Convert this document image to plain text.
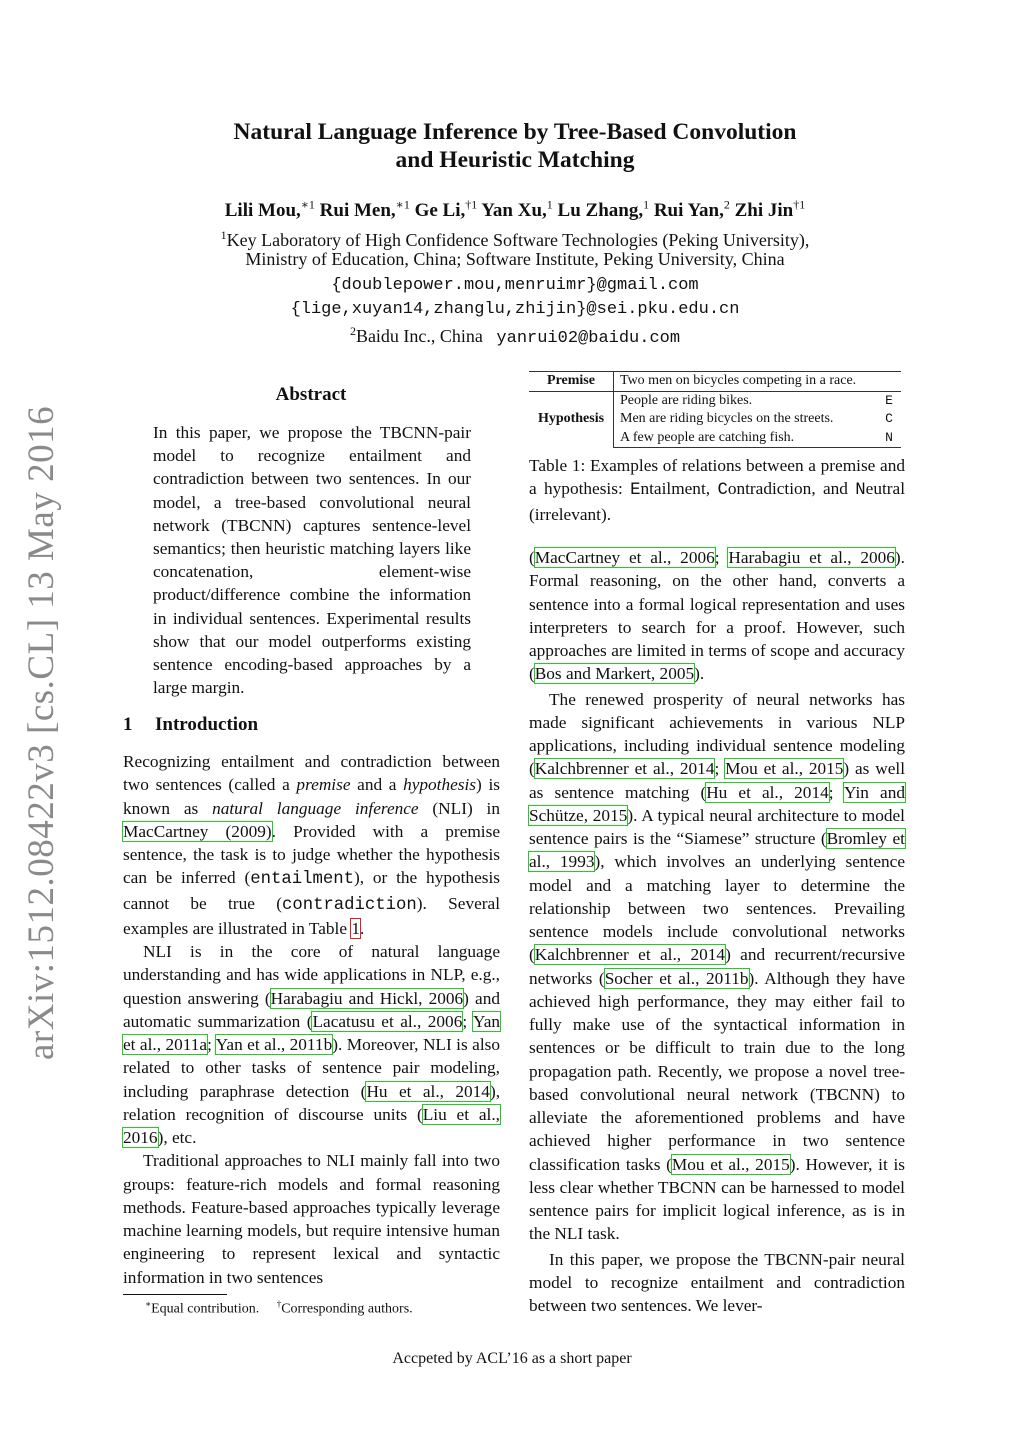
arXiv:1512.08422v3 [cs.CL] 13 May 2016
Natural Language Inference by Tree-Based Convolution
and Heuristic Matching
Lili Mou,$^{∗1}$ Rui Men,$^{∗1}$ Ge Li,$^{\dagger 1}$ Yan Xu,$^1$ Lu Zhang,$^1$ Rui Yan,$^2$ Zhi Jin$^{\dagger 1}$
$^1$Key Laboratory of High Confidence Software Technologies (Peking University),
Ministry of Education, China; Software Institute, Peking University, China
{doublepower.mou,menruimr}@gmail.com
{lige,xuyan14,zhanglu,zhijin}@sei.pku.edu.cn
$^2$Baidu Inc., China yanrui02@baidu.com
Abstract
In this paper, we propose the TBCNN-pair model to recognize entailment and contradiction between two sentences. In our model, a tree-based convolutional neural network (TBCNN) captures sentence-level semantics; then heuristic matching layers like concatenation, element-wise product/difference combine the information in individual sentences. Experimental results show that our model outperforms existing sentence encoding-based approaches by a large margin.
1 Introduction

Recognizing entailment and contradiction between two sentences (called a premise and a hypothesis) is known as natural language inference (NLI) in MacCartney (2009). Provided with a premise sentence, the task is to judge whether the hypothesis can be inferred (entailment), or the hypothesis cannot be true (contradiction). Several examples are illustrated in Table 1.

NLI is in the core of natural language understanding and has wide applications in NLP, e.g., question answering (Harabagiu and Hickl, 2006) and automatic summarization (Lacatusu et al., 2006; Yan et al., 2011a; Yan et al., 2011b). Moreover, NLI is also related to other tasks of sentence pair modeling, including paraphrase detection (Hu et al., 2014), relation recognition of discourse units (Liu et al., 2016), etc.

Traditional approaches to NLI mainly fall into two groups: feature-rich models and formal reasoning methods. Feature-based approaches typically leverage machine learning models, but require intensive human engineering to represent lexical and syntactic information in two sentences

∗Equal contribution. †Corresponding authors.
Premise	Two men on bicycles competing in a race.	
Hypothesis	People are riding bikes.	E
	Men are riding bicycles on the streets.	C
	A few people are catching fish.	N
Table 1: Examples of relations between a premise and a hypothesis: Entailment, Contradiction, and Neutral (irrelevant).

(MacCartney et al., 2006; Harabagiu et al., 2006). Formal reasoning, on the other hand, converts a sentence into a formal logical representation and uses interpreters to search for a proof. However, such approaches are limited in terms of scope and accuracy (Bos and Markert, 2005).

The renewed prosperity of neural networks has made significant achievements in various NLP applications, including individual sentence modeling (Kalchbrenner et al., 2014; Mou et al., 2015) as well as sentence matching (Hu et al., 2014; Yin and Schütze, 2015). A typical neural architecture to model sentence pairs is the “Siamese” structure (Bromley et al., 1993), which involves an underlying sentence model and a matching layer to determine the relationship between two sentences. Prevailing sentence models include convolutional networks (Kalchbrenner et al., 2014) and recurrent/recursive networks (Socher et al., 2011b). Although they have achieved high performance, they may either fail to fully make use of the syntactical information in sentences or be difficult to train due to the long propagation path. Recently, we propose a novel tree-based convolutional neural network (TBCNN) to alleviate the aforementioned problems and have achieved higher performance in two sentence classification tasks (Mou et al., 2015). However, it is less clear whether TBCNN can be harnessed to model sentence pairs for implicit logical inference, as is in the NLI task.

In this paper, we propose the TBCNN-pair neural model to recognize entailment and contradiction between two sentences. We lever-

Accpeted by ACL’16 as a short paper
